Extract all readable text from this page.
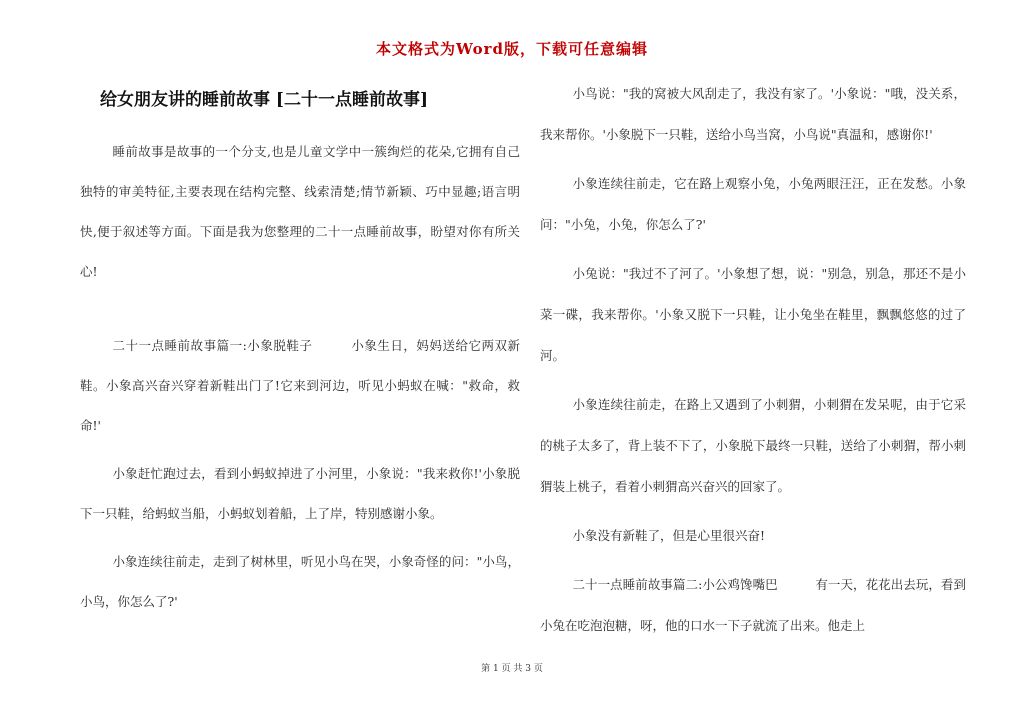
本文格式为Word版，下载可任意编辑
给女朋友讲的睡前故事 [二十一点睡前故事]

睡前故事是故事的一个分支,也是儿童文学中一簇绚烂的花朵,它拥有自己独特的审美特征,主要表现在结构完整、线索清楚;情节新颖、巧中显趣;语言明快,便于叙述等方面。下面是我为您整理的二十一点睡前故事，盼望对你有所关心!

二十一点睡前故事篇一:小象脱鞋子　　　小象生日，妈妈送给它两双新鞋。小象高兴奋兴穿着新鞋出门了!它来到河边，听见小蚂蚁在喊："救命，救命!'

小象赶忙跑过去，看到小蚂蚁掉进了小河里，小象说："我来救你!'小象脱下一只鞋，给蚂蚁当船，小蚂蚁划着船，上了岸，特别感谢小象。

小象连续往前走，走到了树林里，听见小鸟在哭，小象奇怪的问："小鸟，小鸟，你怎么了?'

小鸟说："我的窝被大风刮走了，我没有家了。'小象说："哦，没关系，我来帮你。'小象脱下一只鞋，送给小鸟当窝，小鸟说"真温和，感谢你!'

小象连续往前走，它在路上观察小兔，小兔两眼汪汪，正在发愁。小象问："小兔，小兔，你怎么了?'

小兔说："我过不了河了。'小象想了想，说："别急，别急，那还不是小菜一碟，我来帮你。'小象又脱下一只鞋，让小兔坐在鞋里，飘飘悠悠的过了河。

小象连续往前走，在路上又遇到了小刺猬，小刺猬在发呆呢，由于它采的桃子太多了，背上装不下了，小象脱下最终一只鞋，送给了小刺猬，帮小刺猬装上桃子，看着小刺猬高兴奋兴的回家了。

小象没有新鞋了，但是心里很兴奋!

二十一点睡前故事篇二:小公鸡馋嘴巴　　　有一天，花花出去玩，看到小兔在吃泡泡糖，呀，他的口水一下子就流了出来。他走上

第 1 页 共 3 页
